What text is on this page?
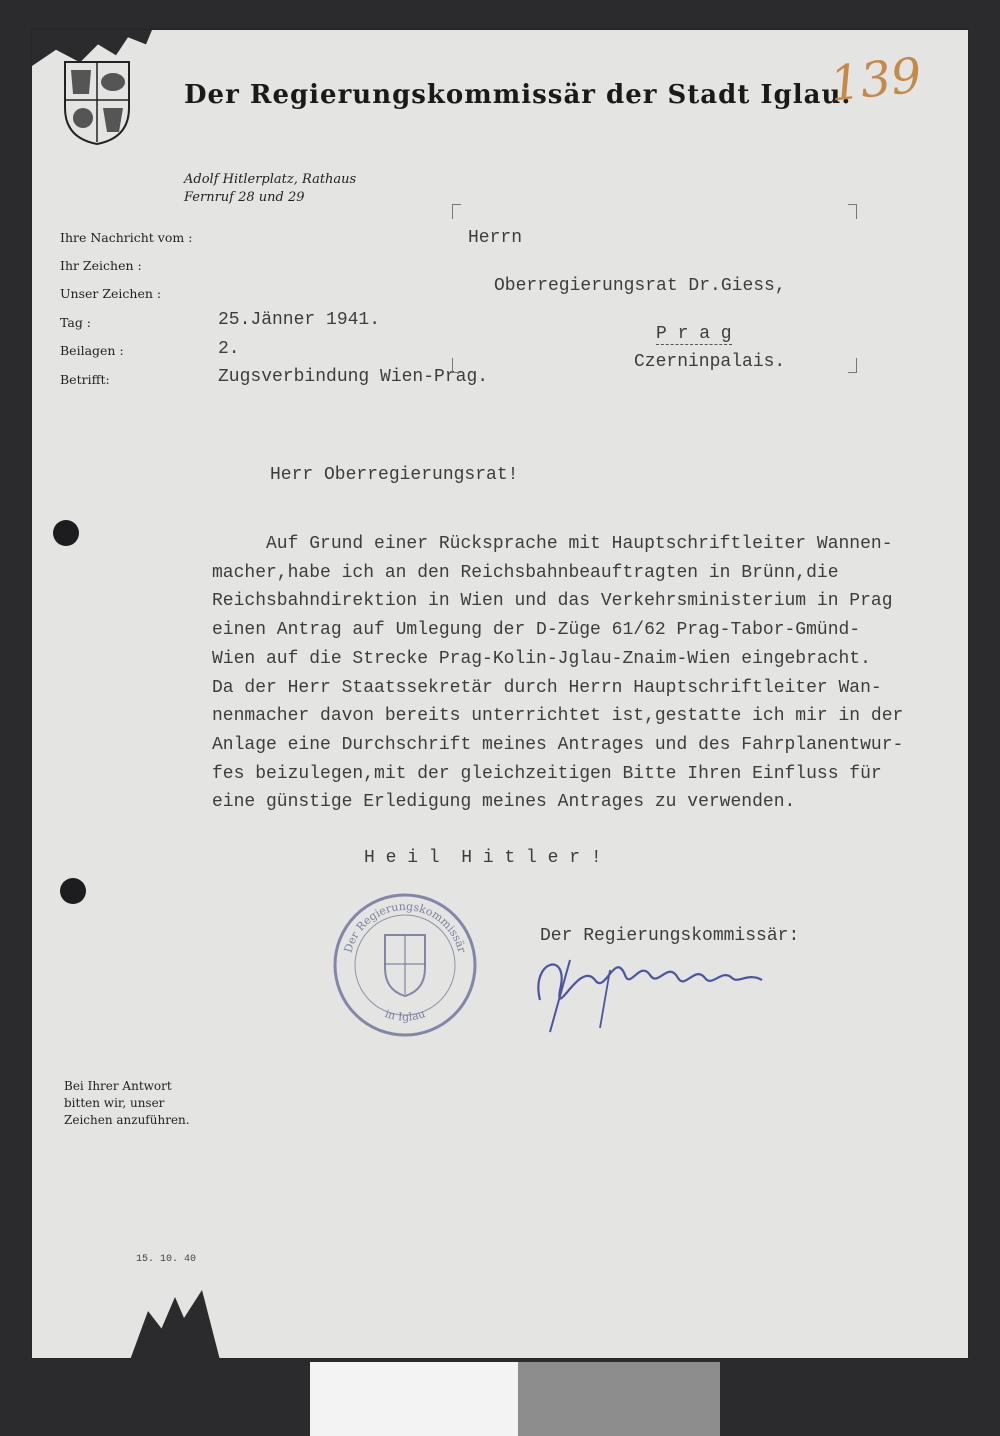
Der Regierungskommissär der Stadt Iglau.
139
Adolf Hitlerplatz, Rathaus
Fernruf 28 und 29
Ihre Nachricht vom :
Ihr Zeichen :
Unser Zeichen :
Tag :
Beilagen :
Betrifft:
25.Jänner 1941.
2.
Zugsverbindung Wien-Prag.
Herrn
Oberregierungsrat Dr.Giess,
P r a g
Czerninpalais.
Herr Oberregierungsrat!
Auf Grund einer Rücksprache mit Hauptschriftleiter Wannen-
macher,habe ich an den Reichsbahnbeauftragten in Brünn,die
Reichsbahndirektion in Wien und das Verkehrsministerium in Prag
einen Antrag auf Umlegung der D-Züge 61/62 Prag-Tabor-Gmünd-
Wien auf die Strecke Prag-Kolin-Jglau-Znaim-Wien eingebracht.
Da der Herr Staatssekretär durch Herrn Hauptschriftleiter Wan-
nenmacher davon bereits unterrichtet ist,gestatte ich mir in der
Anlage eine Durchschrift meines Antrages und des Fahrplanentwur-
fes beizulegen,mit der gleichzeitigen Bitte Ihren Einfluss für
eine günstige Erledigung meines Antrages zu verwenden.
H e i l  H i t l e r !
Der Regierungskommissär:
Der Regierungskommissär
in Iglau
Bei Ihrer Antwort bitten wir, unser Zeichen anzuführen.
15. 10. 40
